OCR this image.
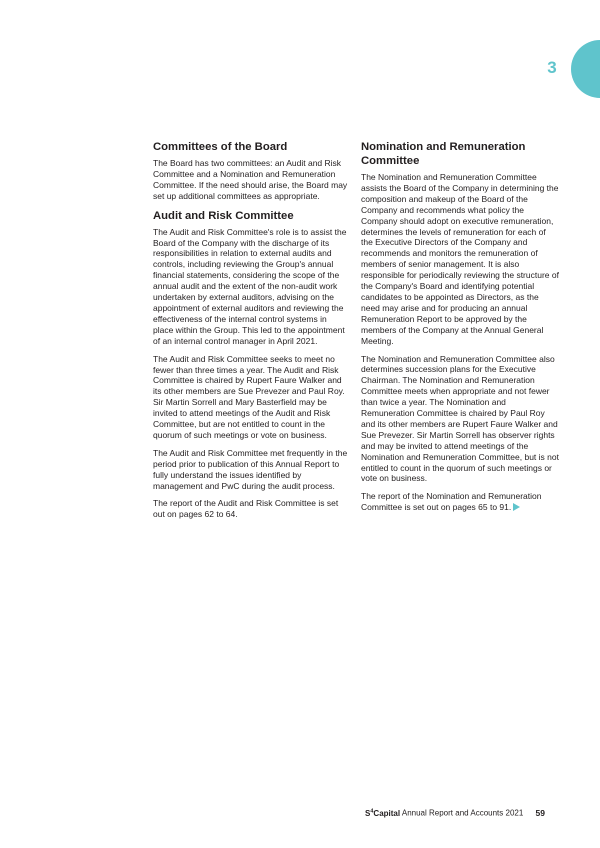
3
Committees of the Board

The Board has two committees: an Audit and Risk Committee and a Nomination and Remuneration Committee. If the need should arise, the Board may set up additional committees as appropriate.

Audit and Risk Committee

The Audit and Risk Committee's role is to assist the Board of the Company with the discharge of its responsibilities in relation to external audits and controls, including reviewing the Group's annual financial statements, considering the scope of the annual audit and the extent of the non-audit work undertaken by external auditors, advising on the appointment of external auditors and reviewing the effectiveness of the internal control systems in place within the Group. This led to the appointment of an internal control manager in April 2021.

The Audit and Risk Committee seeks to meet no fewer than three times a year. The Audit and Risk Committee is chaired by Rupert Faure Walker and its other members are Sue Prevezer and Paul Roy. Sir Martin Sorrell and Mary Basterfield may be invited to attend meetings of the Audit and Risk Committee, but are not entitled to count in the quorum of such meetings or vote on business.

The Audit and Risk Committee met frequently in the period prior to publication of this Annual Report to fully understand the issues identified by management and PwC during the audit process.

The report of the Audit and Risk Committee is set out on pages 62 to 64.

Nomination and Remuneration Committee

The Nomination and Remuneration Committee assists the Board of the Company in determining the composition and makeup of the Board of the Company and recommends what policy the Company should adopt on executive remuneration, determines the levels of remuneration for each of the Executive Directors of the Company and recommends and monitors the remuneration of members of senior management. It is also responsible for periodically reviewing the structure of the Company's Board and identifying potential candidates to be appointed as Directors, as the need may arise and for producing an annual Remuneration Report to be approved by the members of the Company at the Annual General Meeting.

The Nomination and Remuneration Committee also determines succession plans for the Executive Chairman. The Nomination and Remuneration Committee meets when appropriate and not fewer than twice a year. The Nomination and Remuneration Committee is chaired by Paul Roy and its other members are Rupert Faure Walker and Sue Prevezer. Sir Martin Sorrell has observer rights and may be invited to attend meetings of the Nomination and Remuneration Committee, but is not entitled to count in the quorum of such meetings or vote on business.

The report of the Nomination and Remuneration Committee is set out on pages 65 to 91.

$S^4Capital$ Annual Report and Accounts 2021 59
